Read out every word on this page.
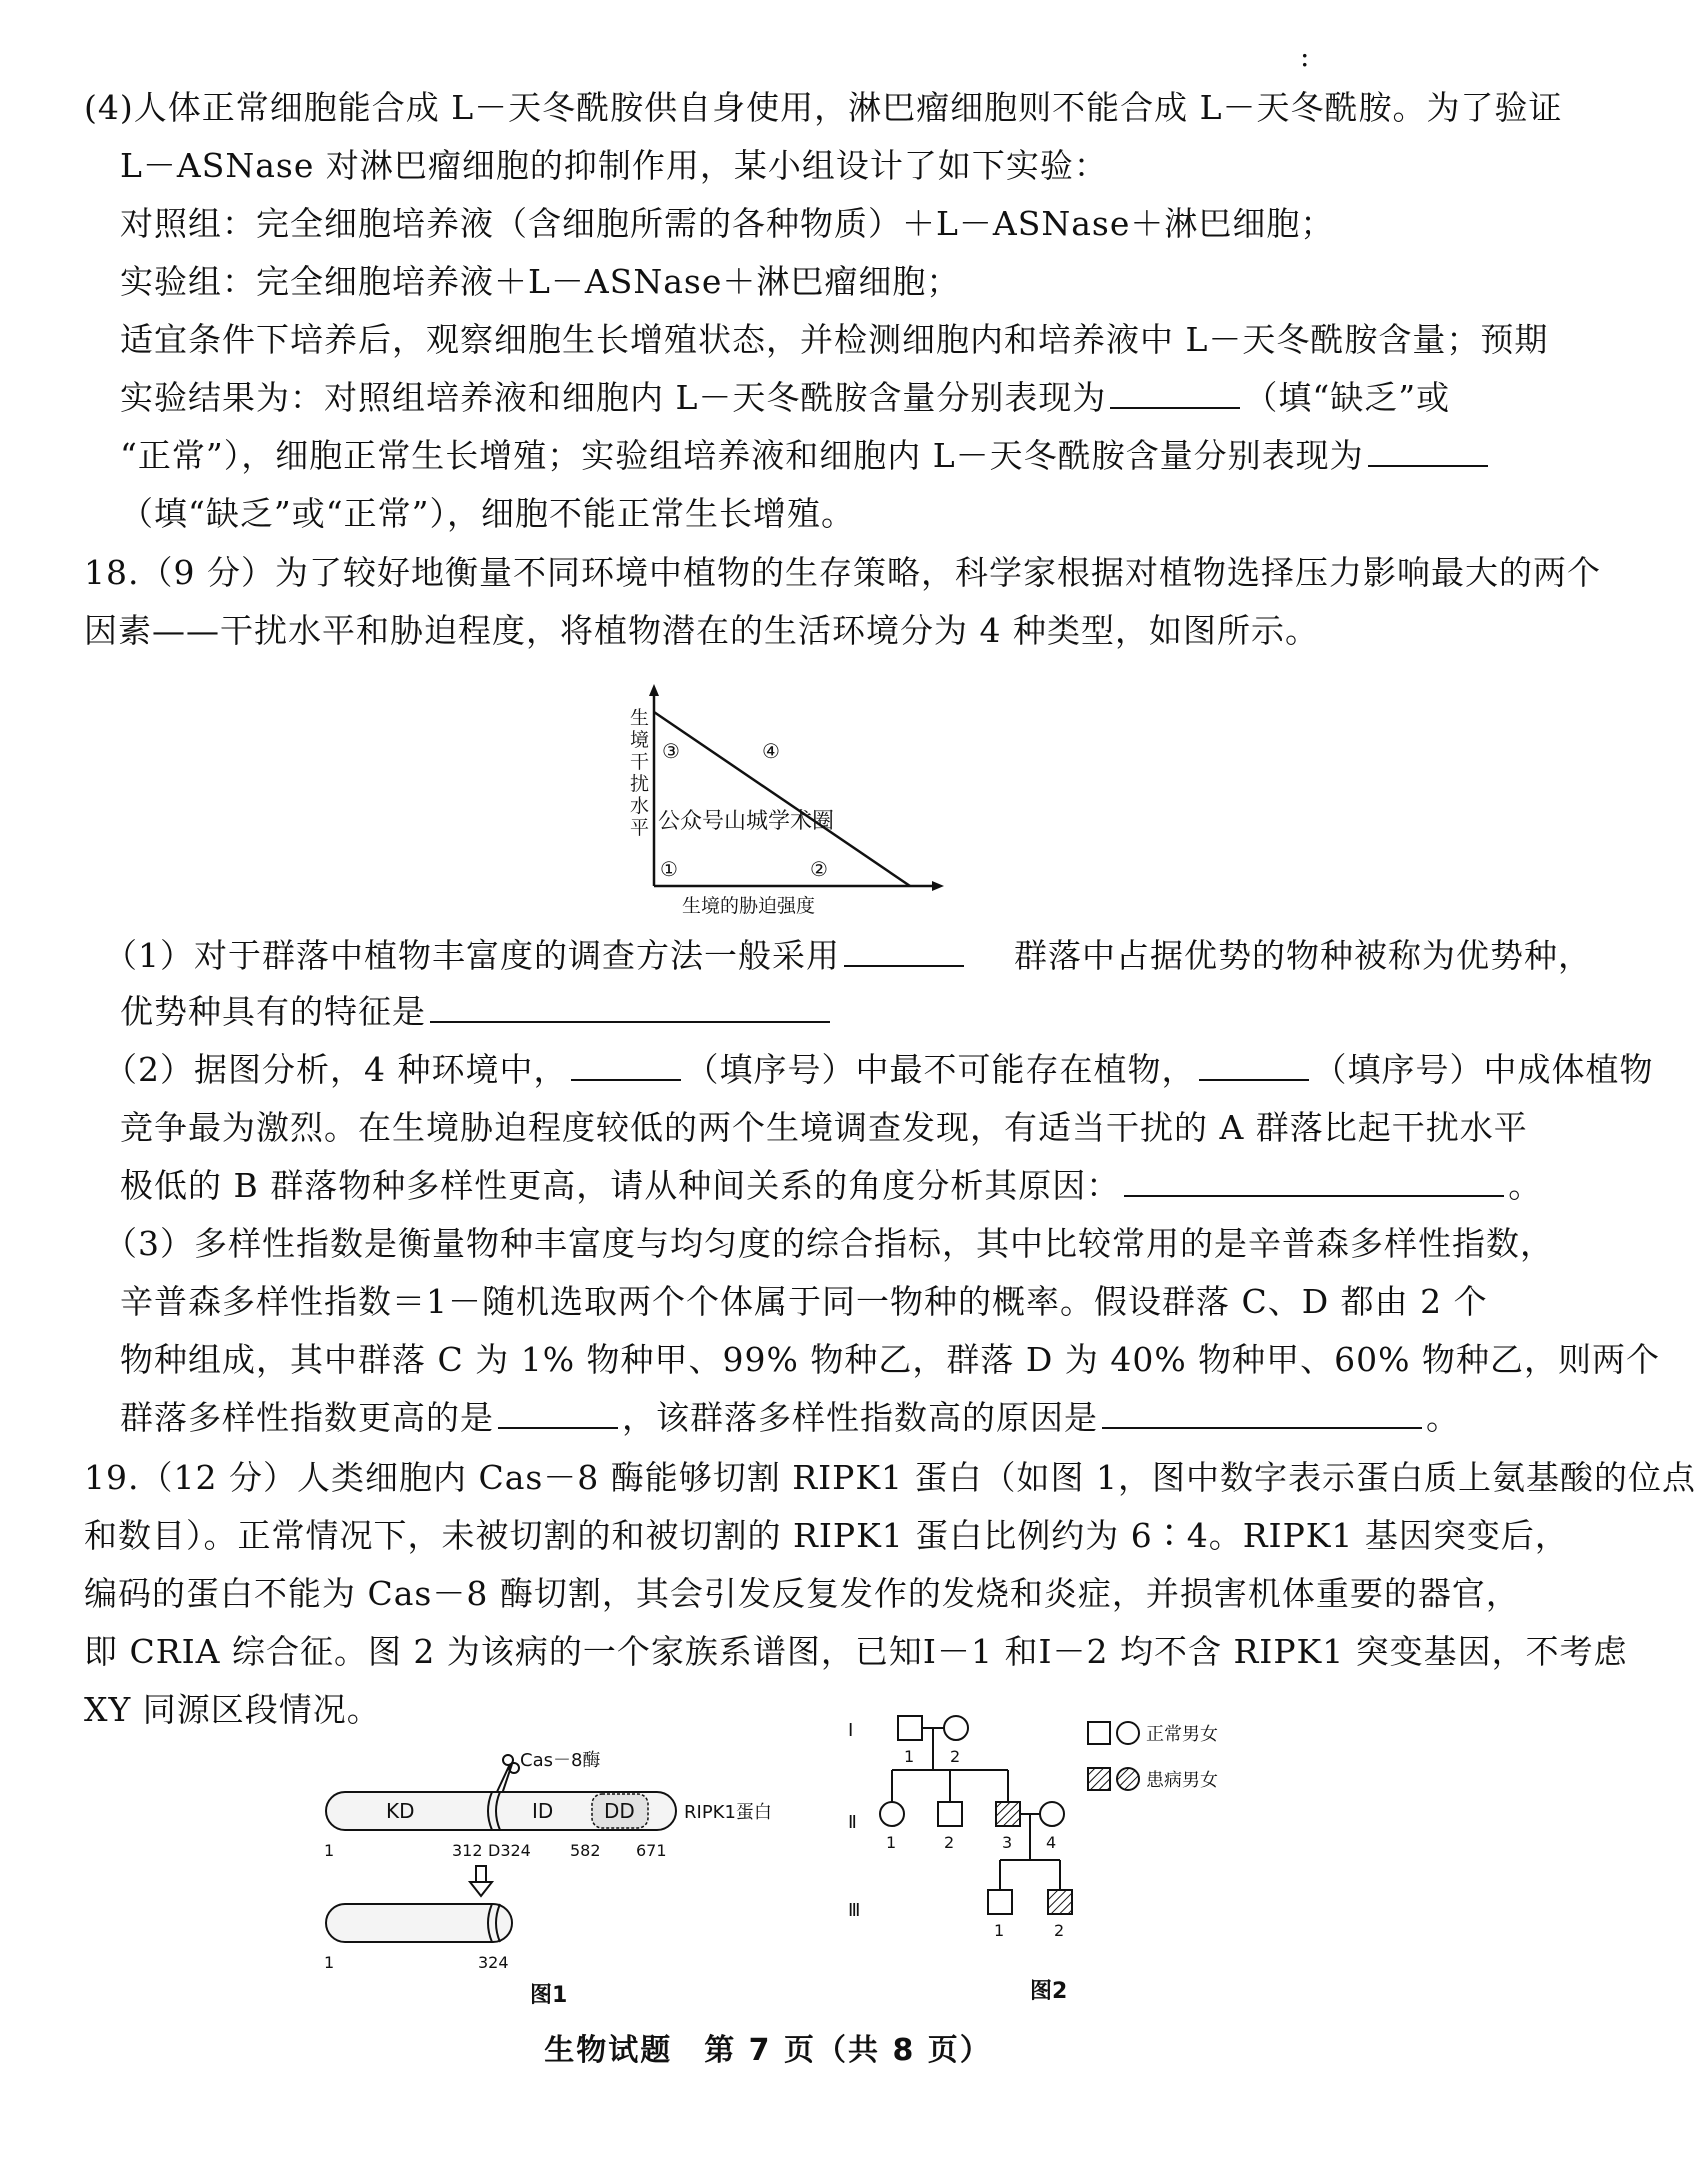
:
(4)人体正常细胞能合成 L－天冬酰胺供自身使用，淋巴瘤细胞则不能合成 L－天冬酰胺。为了验证
L－ASNase 对淋巴瘤细胞的抑制作用，某小组设计了如下实验：
对照组：完全细胞培养液（含细胞所需的各种物质）＋L－ASNase＋淋巴细胞；
实验组：完全细胞培养液＋L－ASNase＋淋巴瘤细胞；
适宜条件下培养后，观察细胞生长增殖状态，并检测细胞内和培养液中 L－天冬酰胺含量；预期
实验结果为：对照组培养液和细胞内 L－天冬酰胺含量分别表现为	（填“缺乏”或
“正常”），细胞正常生长增殖；实验组培养液和细胞内 L－天冬酰胺含量分别表现为
（填“缺乏”或“正常”），细胞不能正常生长增殖。
18.（9 分）为了较好地衡量不同环境中植物的生存策略，科学家根据对植物选择压力影响最大的两个
因素——干扰水平和胁迫程度，将植物潜在的生活环境分为 4 种类型，如图所示。
生
境
干
扰
水
平
③	④
公众号山城学术圈
①	②
生境的胁迫强度
（1）对于群落中植物丰富度的调查方法一般采用	群落中占据优势的物种被称为优势种，
优势种具有的特征是
（2）据图分析，4 种环境中，	（填序号）中最不可能存在植物，	（填序号）中成体植物
竞争最为激烈。在生境胁迫程度较低的两个生境调查发现，有适当干扰的 A 群落比起干扰水平
极低的 B 群落物种多样性更高，请从种间关系的角度分析其原因：	。
（3）多样性指数是衡量物种丰富度与均匀度的综合指标，其中比较常用的是辛普森多样性指数，
辛普森多样性指数＝1－随机选取两个个体属于同一物种的概率。假设群落 C、D 都由 2 个
物种组成，其中群落 C 为 1% 物种甲、99% 物种乙，群落 D 为 40% 物种甲、60% 物种乙，则两个
群落多样性指数更高的是	，该群落多样性指数高的原因是	。
19.（12 分）人类细胞内 Cas－8 酶能够切割 RIPK1 蛋白（如图 1，图中数字表示蛋白质上氨基酸的位点
和数目）。正常情况下，未被切割的和被切割的 RIPK1 蛋白比例约为 6∶4。RIPK1 基因突变后，
编码的蛋白不能为 Cas－8 酶切割，其会引发反复发作的发烧和炎症，并损害机体重要的器官，
即 CRIA 综合征。图 2 为该病的一个家族系谱图，已知Ⅰ－1 和Ⅰ－2 均不含 RIPK1 突变基因，不考虑
XY 同源区段情况。
Cas－8酶
KD	ID	DD	RIPK1蛋白
1	312 D324 582 671
1	324
图1
Ⅰ
Ⅱ
Ⅲ
1 2
1	2	3 4
1	2
正常男女
患病男女
图2
生物试题　第 7 页（共 8 页）
